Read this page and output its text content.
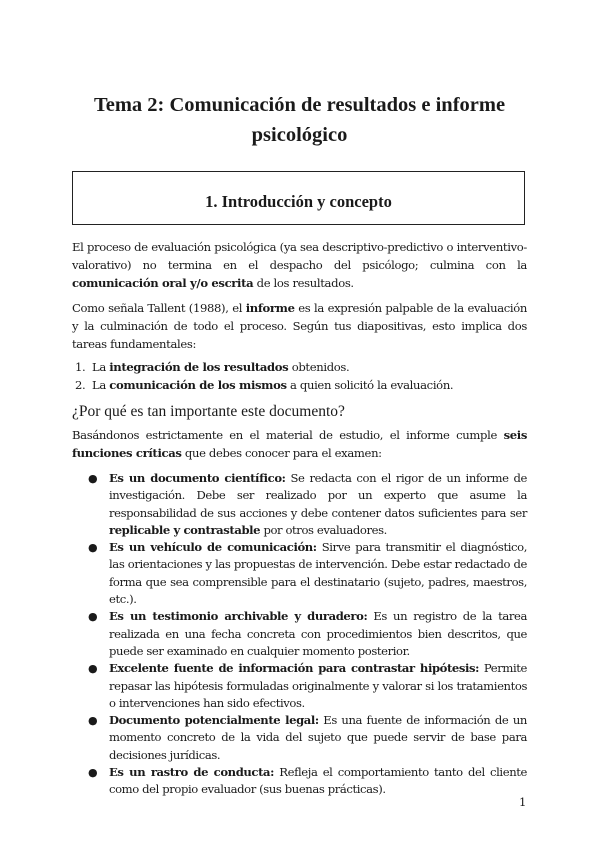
Tema 2: Comunicación de resultados e informe psicológico
1. Introducción y concepto

El proceso de evaluación psicológica (ya sea descriptivo-predictivo o interventivo-valorativo) no termina en el despacho del psicólogo; culmina con la comunicación oral y/o escrita de los resultados.

Como señala Tallent (1988), el informe es la expresión palpable de la evaluación y la culminación de todo el proceso. Según tus diapositivas, esto implica dos tareas fundamentales:

1. La integración de los resultados obtenidos.
2. La comunicación de los mismos a quien solicitó la evaluación.
¿Por qué es tan importante este documento?

Basándonos estrictamente en el material de estudio, el informe cumple seis funciones críticas que debes conocer para el examen:

● Es un documento científico: Se redacta con el rigor de un informe de investigación. Debe ser realizado por un experto que asume la responsabilidad de sus acciones y debe contener datos suficientes para ser replicable y contrastable por otros evaluadores.
● Es un vehículo de comunicación: Sirve para transmitir el diagnóstico, las orientaciones y las propuestas de intervención. Debe estar redactado de forma que sea comprensible para el destinatario (sujeto, padres, maestros, etc.).
● Es un testimonio archivable y duradero: Es un registro de la tarea realizada en una fecha concreta con procedimientos bien descritos, que puede ser examinado en cualquier momento posterior.
● Excelente fuente de información para contrastar hipótesis: Permite repasar las hipótesis formuladas originalmente y valorar si los tratamientos o intervenciones han sido efectivos.
● Documento potencialmente legal: Es una fuente de información de un momento concreto de la vida del sujeto que puede servir de base para decisiones jurídicas.
● Es un rastro de conducta: Refleja el comportamiento tanto del cliente como del propio evaluador (sus buenas prácticas).
1
